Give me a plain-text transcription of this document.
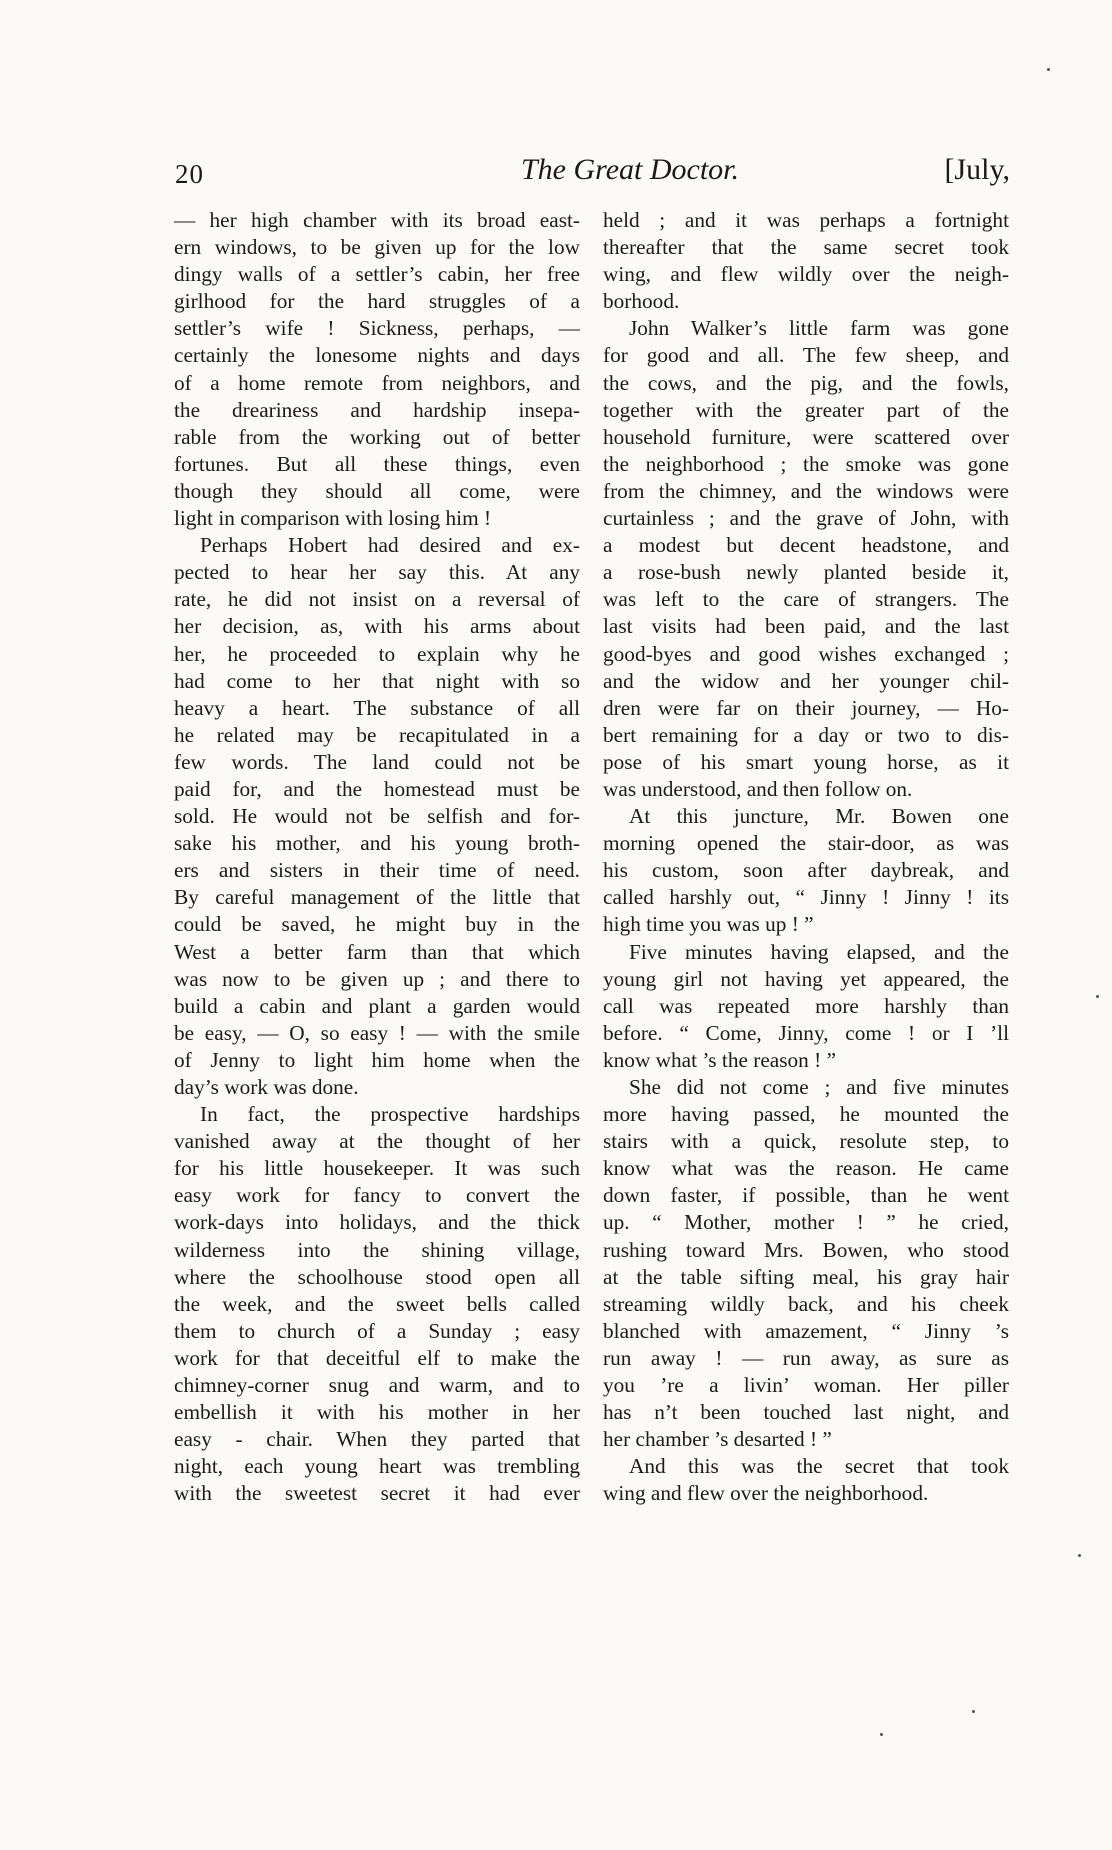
20	The Great Doctor.	[July,
— her high chamber with its broad east-
ern windows, to be given up for the low
dingy walls of a settler’s cabin, her free
girlhood for the hard struggles of a
settler’s wife ! Sickness, perhaps, —
certainly the lonesome nights and days
of a home remote from neighbors, and
the dreariness and hardship insepa-
rable from the working out of better
fortunes. But all these things, even
though they should all come, were
light in comparison with losing him !
Perhaps Hobert had desired and ex-
pected to hear her say this. At any
rate, he did not insist on a reversal of
her decision, as, with his arms about
her, he proceeded to explain why he
had come to her that night with so
heavy a heart. The substance of all
he related may be recapitulated in a
few words. The land could not be
paid for, and the homestead must be
sold. He would not be selfish and for-
sake his mother, and his young broth-
ers and sisters in their time of need.
By careful management of the little that
could be saved, he might buy in the
West a better farm than that which
was now to be given up ; and there to
build a cabin and plant a garden would
be easy, — O, so easy ! — with the smile
of Jenny to light him home when the
day’s work was done.
In fact, the prospective hardships
vanished away at the thought of her
for his little housekeeper. It was such
easy work for fancy to convert the
work-days into holidays, and the thick
wilderness into the shining village,
where the schoolhouse stood open all
the week, and the sweet bells called
them to church of a Sunday ; easy
work for that deceitful elf to make the
chimney-corner snug and warm, and to
embellish it with his mother in her
easy - chair. When they parted that
night, each young heart was trembling
with the sweetest secret it had ever
held ; and it was perhaps a fortnight
thereafter that the same secret took
wing, and flew wildly over the neigh-
borhood.
John Walker’s little farm was gone
for good and all. The few sheep, and
the cows, and the pig, and the fowls,
together with the greater part of the
household furniture, were scattered over
the neighborhood ; the smoke was gone
from the chimney, and the windows were
curtainless ; and the grave of John, with
a modest but decent headstone, and
a rose-bush newly planted beside it,
was left to the care of strangers. The
last visits had been paid, and the last
good-byes and good wishes exchanged ;
and the widow and her younger chil-
dren were far on their journey, — Ho-
bert remaining for a day or two to dis-
pose of his smart young horse, as it
was understood, and then follow on.
At this juncture, Mr. Bowen one
morning opened the stair-door, as was
his custom, soon after daybreak, and
called harshly out, “ Jinny ! Jinny ! its
high time you was up ! ”
Five minutes having elapsed, and the
young girl not having yet appeared, the
call was repeated more harshly than
before. “ Come, Jinny, come ! or I ’ll
know what ’s the reason ! ”
She did not come ; and five minutes
more having passed, he mounted the
stairs with a quick, resolute step, to
know what was the reason. He came
down faster, if possible, than he went
up. “ Mother, mother ! ” he cried,
rushing toward Mrs. Bowen, who stood
at the table sifting meal, his gray hair
streaming wildly back, and his cheek
blanched with amazement, “ Jinny ’s
run away ! — run away, as sure as
you ’re a livin’ woman. Her piller
has n’t been touched last night, and
her chamber ’s desarted ! ”
And this was the secret that took
wing and flew over the neighborhood.
